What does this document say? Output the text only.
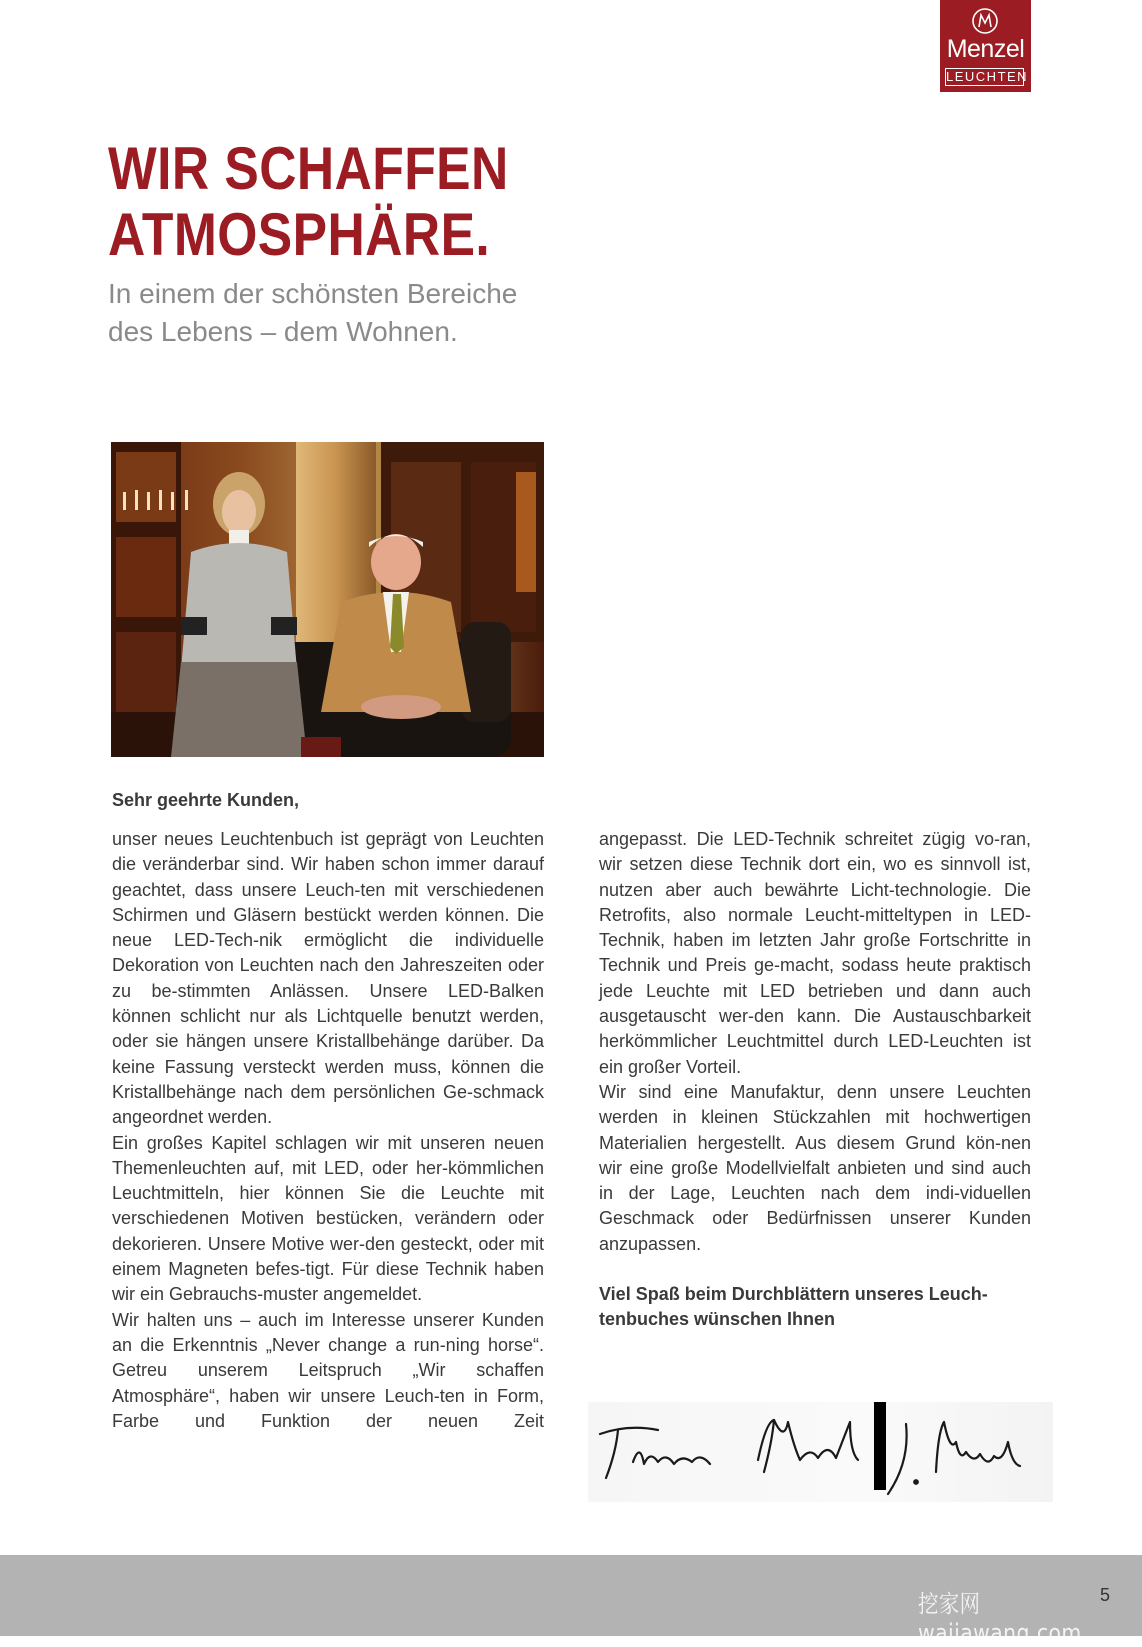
Menzel
LEUCHTEN
WIR SCHAFFEN
ATMOSPHÄRE.
In einem der schönsten Bereiche
des Lebens – dem Wohnen.

Sehr geehrte Kunden,

unser neues Leuchtenbuch ist geprägt von Leuchten die veränderbar sind. Wir haben schon immer darauf geachtet, dass unsere Leuch-ten mit verschiedenen Schirmen und Gläsern bestückt werden können. Die neue LED-Tech-nik ermöglicht die individuelle Dekoration von Leuchten nach den Jahreszeiten oder zu be-stimmten Anlässen. Unsere LED-Balken können schlicht nur als Lichtquelle benutzt werden, oder sie hängen unsere Kristallbehänge darüber. Da keine Fassung versteckt werden muss, können die Kristallbehänge nach dem persönlichen Ge-schmack angeordnet werden.

Ein großes Kapitel schlagen wir mit unseren neuen Themenleuchten auf, mit LED, oder her-kömmlichen Leuchtmitteln, hier können Sie die Leuchte mit verschiedenen Motiven bestücken, verändern oder dekorieren. Unsere Motive wer-den gesteckt, oder mit einem Magneten befes-tigt. Für diese Technik haben wir ein Gebrauchs-muster angemeldet.

Wir halten uns – auch im Interesse unserer Kunden an die Erkenntnis „Never change a run-ning horse“. Getreu unserem Leitspruch „Wir schaffen Atmosphäre“, haben wir unsere Leuch-ten in Form, Farbe und Funktion der neuen Zeit

angepasst. Die LED-Technik schreitet zügig vo-ran, wir setzen diese Technik dort ein, wo es sinnvoll ist, nutzen aber auch bewährte Licht-technologie. Die Retrofits, also normale Leucht-mitteltypen in LED-Technik, haben im letzten Jahr große Fortschritte in Technik und Preis ge-macht, sodass heute praktisch jede Leuchte mit LED betrieben und dann auch ausgetauscht wer-den kann. Die Austauschbarkeit herkömmlicher Leuchtmittel durch LED-Leuchten ist ein großer Vorteil.

Wir sind eine Manufaktur, denn unsere Leuchten werden in kleinen Stückzahlen mit hochwertigen Materialien hergestellt. Aus diesem Grund kön-nen wir eine große Modellvielfalt anbieten und sind auch in der Lage, Leuchten nach dem indi-viduellen Geschmack oder Bedürfnissen unserer Kunden anzupassen.

Viel Spaß beim Durchblättern unseres Leuch-tenbuches wünschen Ihnen

挖家网 wajiawang.com
5
